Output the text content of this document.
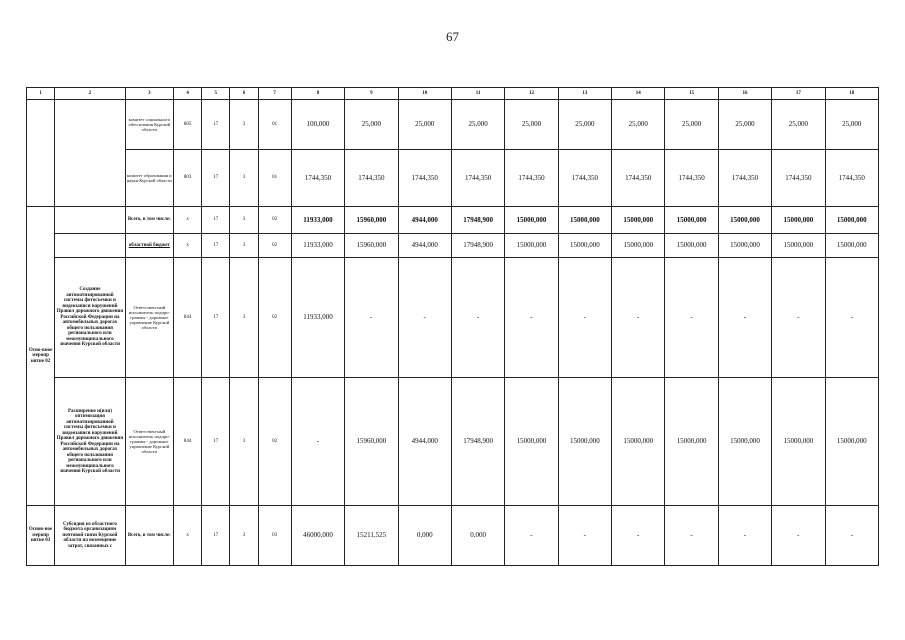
67
1	2	3	4	5	6	7	8	9	10	11	12	13	14	15	16	17	18
		комитет социального обеспечения Курской области	805	17	3	01	100,000	25,000	25,000	25,000	25,000	25,000	25,000	25,000	25,000	25,000	25,000
		комитет образования и науки Курской области	803	17	3	01	1744,350	1744,350	1744,350	1744,350	1744,350	1744,350	1744,350	1744,350	1744,350	1744,350	1744,350
Осно-вное меропр иятие 02		Всего, в том числе:	х	17	3	02	11933,000	15960,000	4944,000	17948,900	15000,000	15000,000	15000,000	15000,000	15000,000	15000,000	15000,000
		областной бюджет	х	17	3	02	11933,000	15960,000	4944,000	17948,900	15000,000	15000,000	15000,000	15000,000	15000,000	15000,000	15000,000
	Создание автоматизированной системы фотосъемки и видеозаписи нарушений Правил дорожного движения Российской Федерации на автомобильных дорогах общего пользования регионального или межмуниципального значения Курской области	Ответствен-ный исполнитель подпро-граммы - дорожное управление Курской области	844	17	3	02	11933,000	-	-	-	-	-	-	-	-	-	-
	Расширение и(или) оптимизация автоматизированной системы фотосъемки и видеозаписи нарушений Правил дорожного движения Российской Федерации на автомобильных дорогах общего пользования регионального или межмуниципального значения Курской области	Ответствен-ный исполнитель подпро-граммы - дорожное управление Курской области	844	17	3	02	-	15960,000	4944,000	17948,900	15000,000	15000,000	15000,000	15000,000	15000,000	15000,000	15000,000
Основ-ное меропр иятие 03	Субсидия из областного бюджета организациям почтовой связи Курской области на возмещение затрат, связанных с	Всего, в том числе:	х	17	3	03	46000,000	15211,525	0,000	0,000	-	-	-	-	-	-	-
